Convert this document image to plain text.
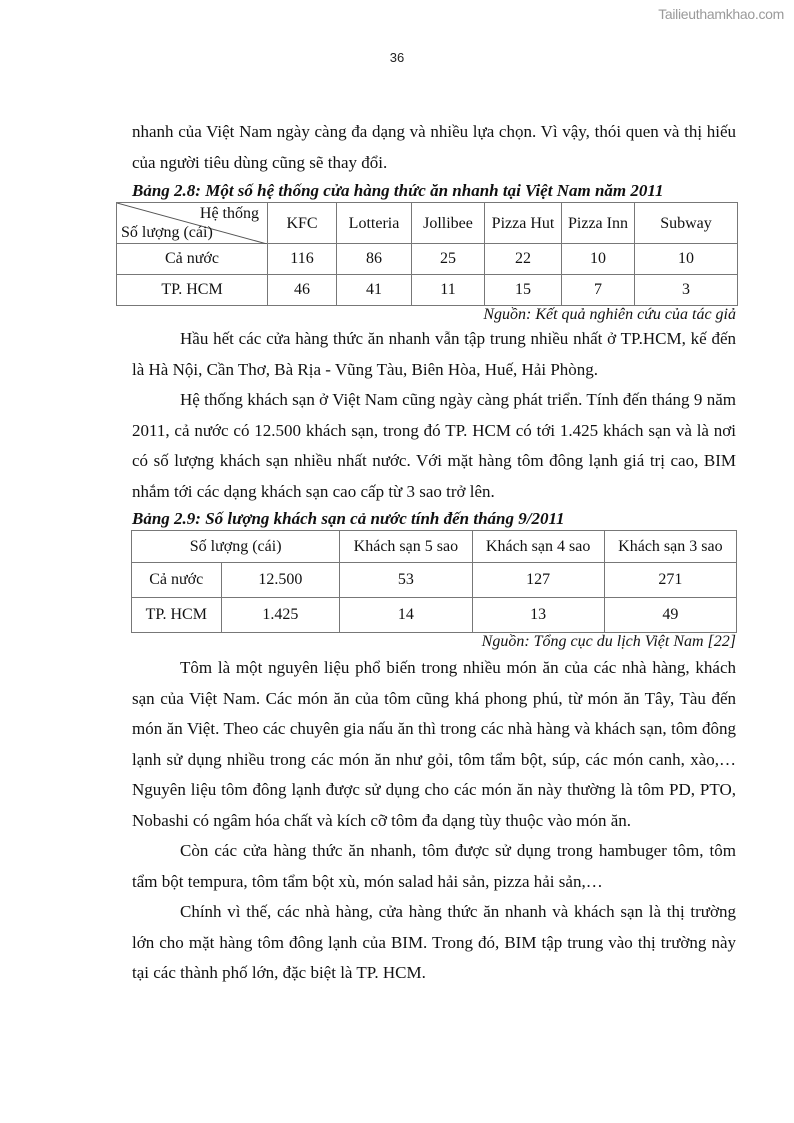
Tailieuthamkhao.com
36

nhanh của Việt Nam ngày càng đa dạng và nhiều lựa chọn. Vì vậy, thói quen và thị hiếu của người tiêu dùng cũng sẽ thay đổi.

Bảng 2.8: Một số hệ thống cửa hàng thức ăn nhanh tại Việt Nam năm 2011
Hệ thống
Số lượng (cái)	KFC	Lotteria	Jollibee	Pizza Hut	Pizza Inn	Subway
Cả nước	116	86	25	22	10	10
TP. HCM	46	41	11	15	7	3
Nguồn: Kết quả nghiên cứu của tác giả

Hầu hết các cửa hàng thức ăn nhanh vẫn tập trung nhiều nhất ở TP.HCM, kế đến là Hà Nội, Cần Thơ, Bà Rịa - Vũng Tàu, Biên Hòa, Huế, Hải Phòng.

Hệ thống khách sạn ở Việt Nam cũng ngày càng phát triển. Tính đến tháng 9 năm 2011, cả nước có 12.500 khách sạn, trong đó TP. HCM có tới 1.425 khách sạn và là nơi có số lượng khách sạn nhiều nhất nước. Với mặt hàng tôm đông lạnh giá trị cao, BIM nhắm tới các dạng khách sạn cao cấp từ 3 sao trở lên.

Bảng 2.9: Số lượng khách sạn cả nước tính đến tháng 9/2011
Số lượng (cái)		Khách sạn 5 sao	Khách sạn 4 sao	Khách sạn 3 sao
Cả nước	12.500	53	127	271
TP. HCM	1.425	14	13	49
Nguồn: Tổng cục du lịch Việt Nam [22]

Tôm là một nguyên liệu phổ biến trong nhiều món ăn của các nhà hàng, khách sạn của Việt Nam. Các món ăn của tôm cũng khá phong phú, từ món ăn Tây, Tàu đến món ăn Việt. Theo các chuyên gia nấu ăn thì trong các nhà hàng và khách sạn, tôm đông lạnh sử dụng nhiều trong các món ăn như gỏi, tôm tẩm bột, súp, các món canh, xào,… Nguyên liệu tôm đông lạnh được sử dụng cho các món ăn này thường là tôm PD, PTO, Nobashi có ngâm hóa chất và kích cỡ tôm đa dạng tùy thuộc vào món ăn.

Còn các cửa hàng thức ăn nhanh, tôm được sử dụng trong hambuger tôm, tôm tẩm bột tempura, tôm tẩm bột xù, món salad hải sản, pizza hải sản,…

Chính vì thế, các nhà hàng, cửa hàng thức ăn nhanh và khách sạn là thị trường lớn cho mặt hàng tôm đông lạnh của BIM. Trong đó, BIM tập trung vào thị trường này tại các thành phố lớn, đặc biệt là TP. HCM.
